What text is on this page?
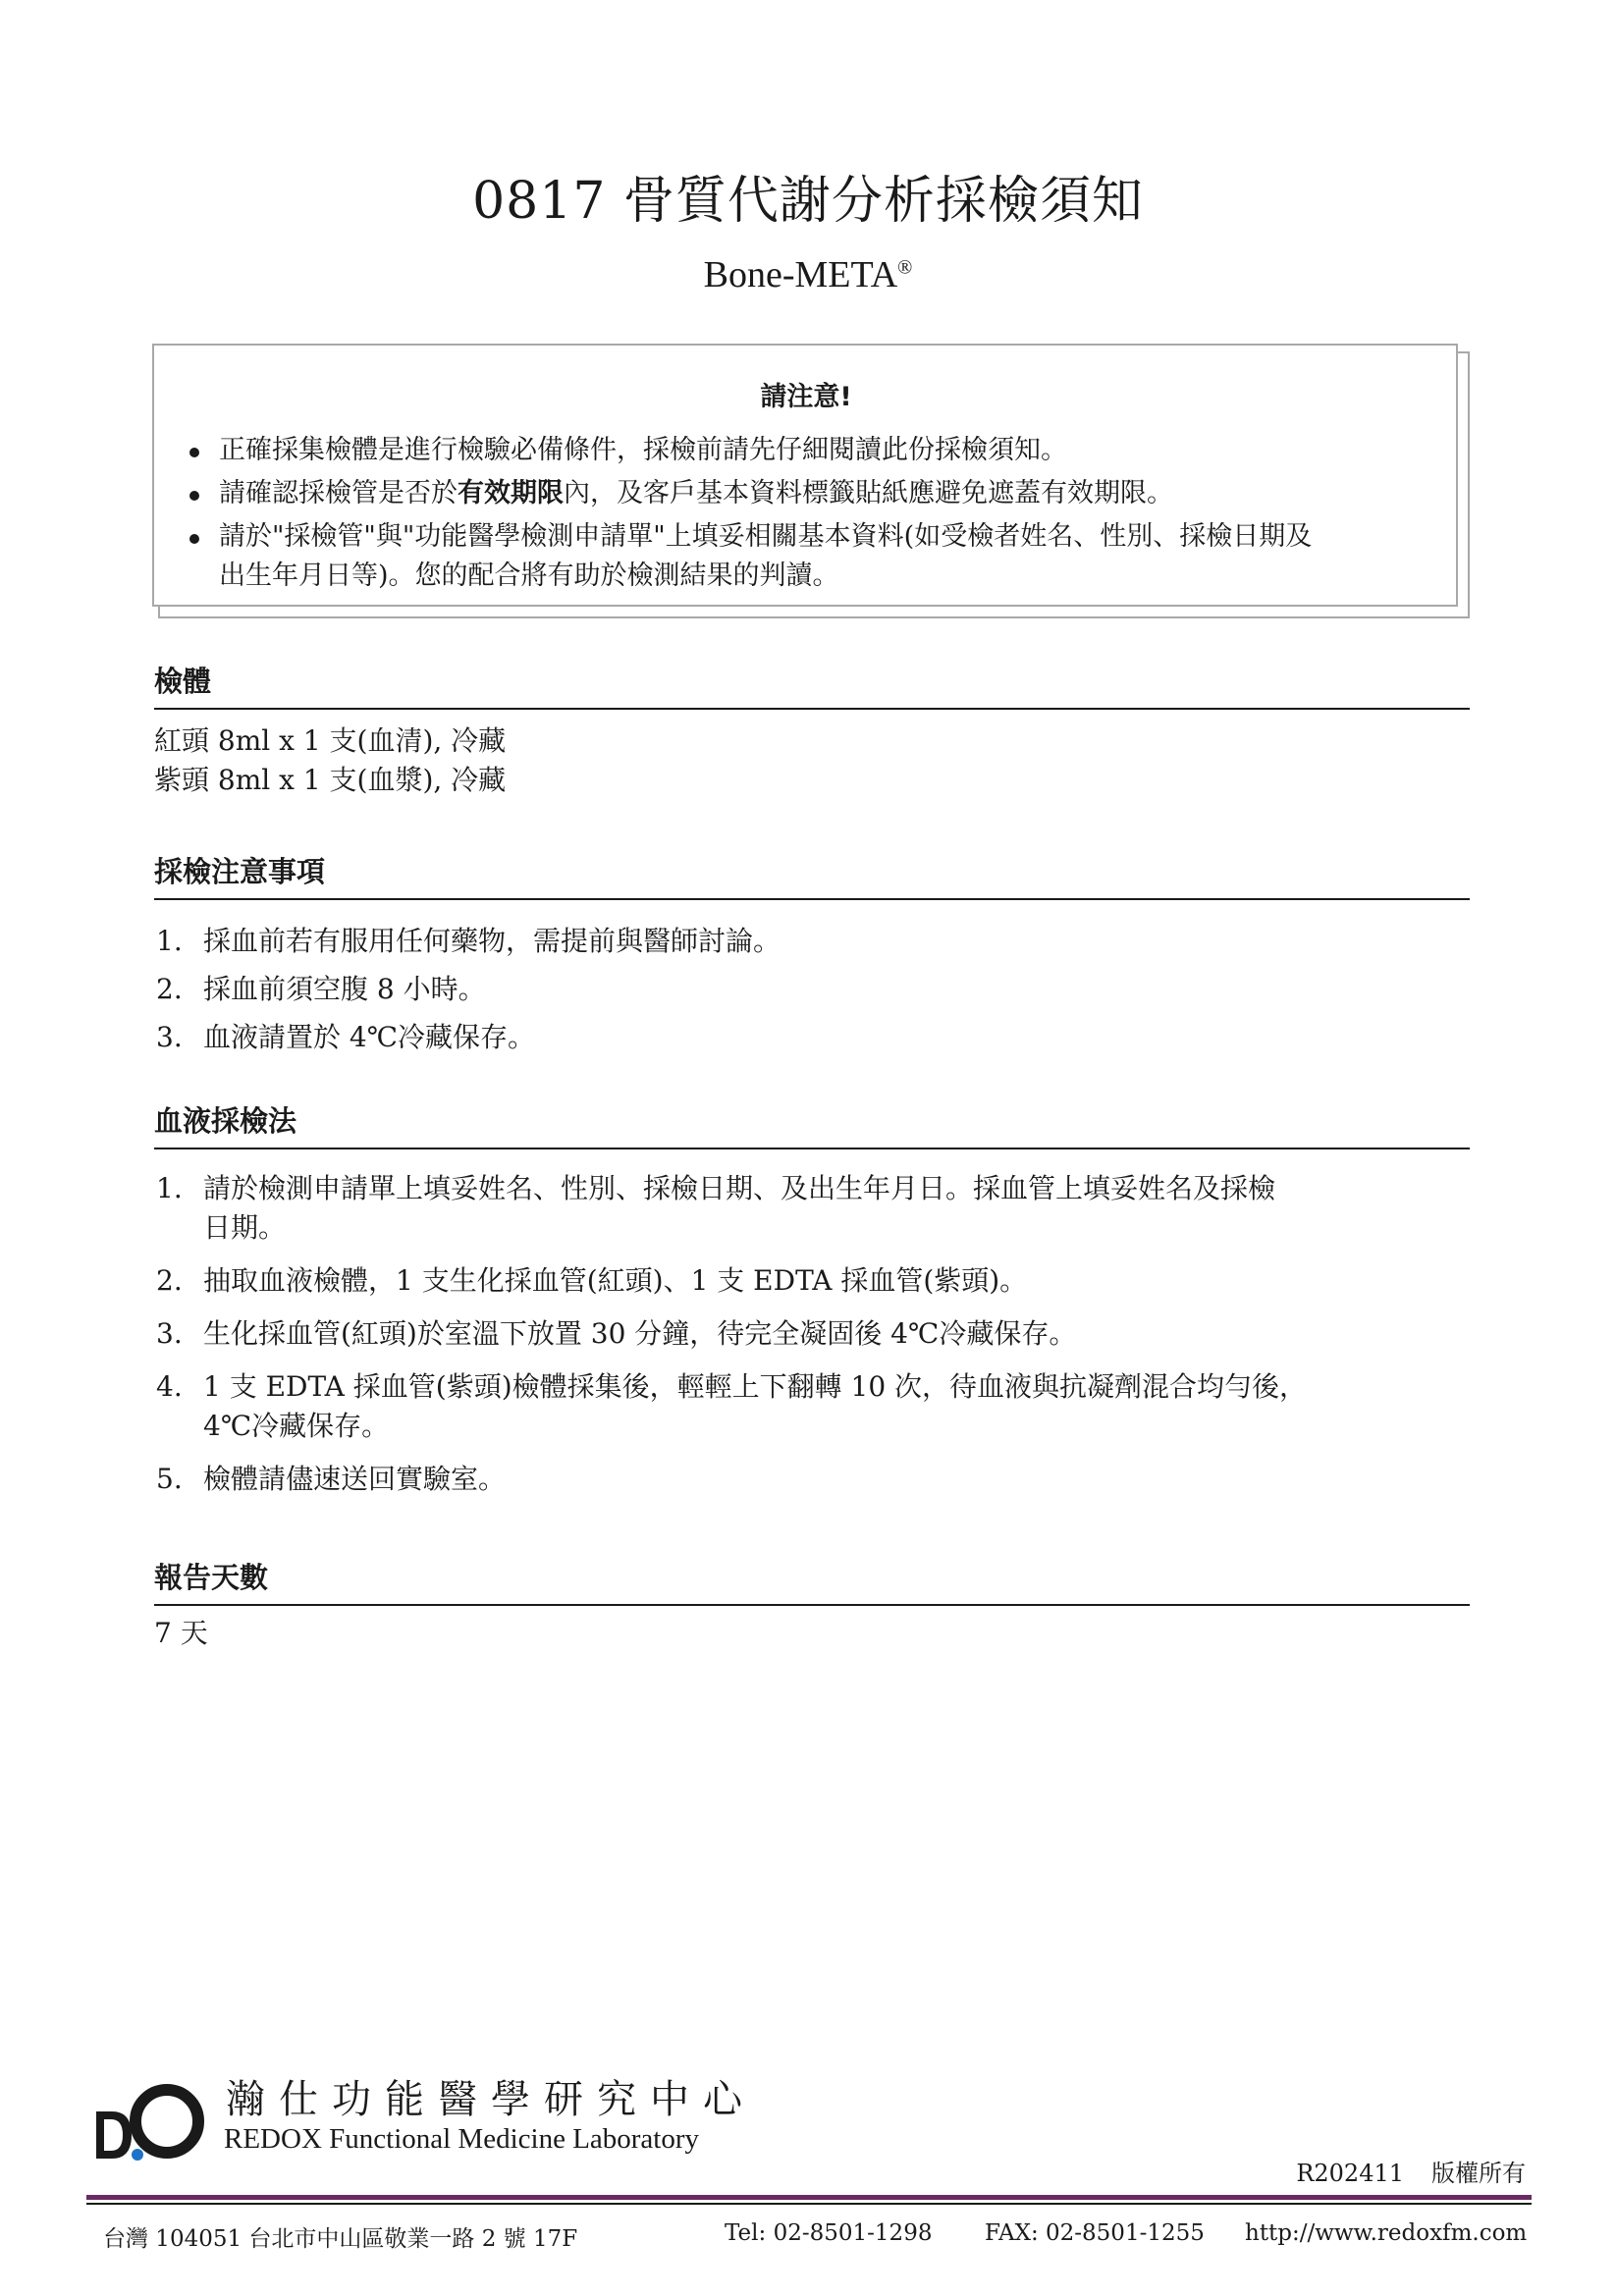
0817 骨質代謝分析採檢須知
Bone-META®
請注意!
正確採集檢體是進行檢驗必備條件，採檢前請先仔細閱讀此份採檢須知。
請確認採檢管是否於有效期限內，及客戶基本資料標籤貼紙應避免遮蓋有效期限。
請於"採檢管"與"功能醫學檢測申請單"上填妥相關基本資料(如受檢者姓名、性別、採檢日期及
出生年月日等)。您的配合將有助於檢測結果的判讀。
檢體
紅頭 8ml x 1 支(血清), 冷藏
紫頭 8ml x 1 支(血漿), 冷藏
採檢注意事項
1. 採血前若有服用任何藥物，需提前與醫師討論。
2. 採血前須空腹 8 小時。
3. 血液請置於 4℃冷藏保存。
血液採檢法
1. 請於檢測申請單上填妥姓名、性別、採檢日期、及出生年月日。採血管上填妥姓名及採檢
日期。
2. 抽取血液檢體，1 支生化採血管(紅頭)、1 支 EDTA 採血管(紫頭)。
3. 生化採血管(紅頭)於室溫下放置 30 分鐘，待完全凝固後 4℃冷藏保存。
4. 1 支 EDTA 採血管(紫頭)檢體採集後，輕輕上下翻轉 10 次，待血液與抗凝劑混合均勻後，
4℃冷藏保存。
5. 檢體請儘速送回實驗室。
報告天數
7 天
瀚仕功能醫學研究中心
REDOX Functional Medicine Laboratory
R202411 版權所有
台灣 104051 台北市中山區敬業一路 2 號 17F	Tel: 02-8501-1298 FAX: 02-8501-1255 http://www.redoxfm.com
